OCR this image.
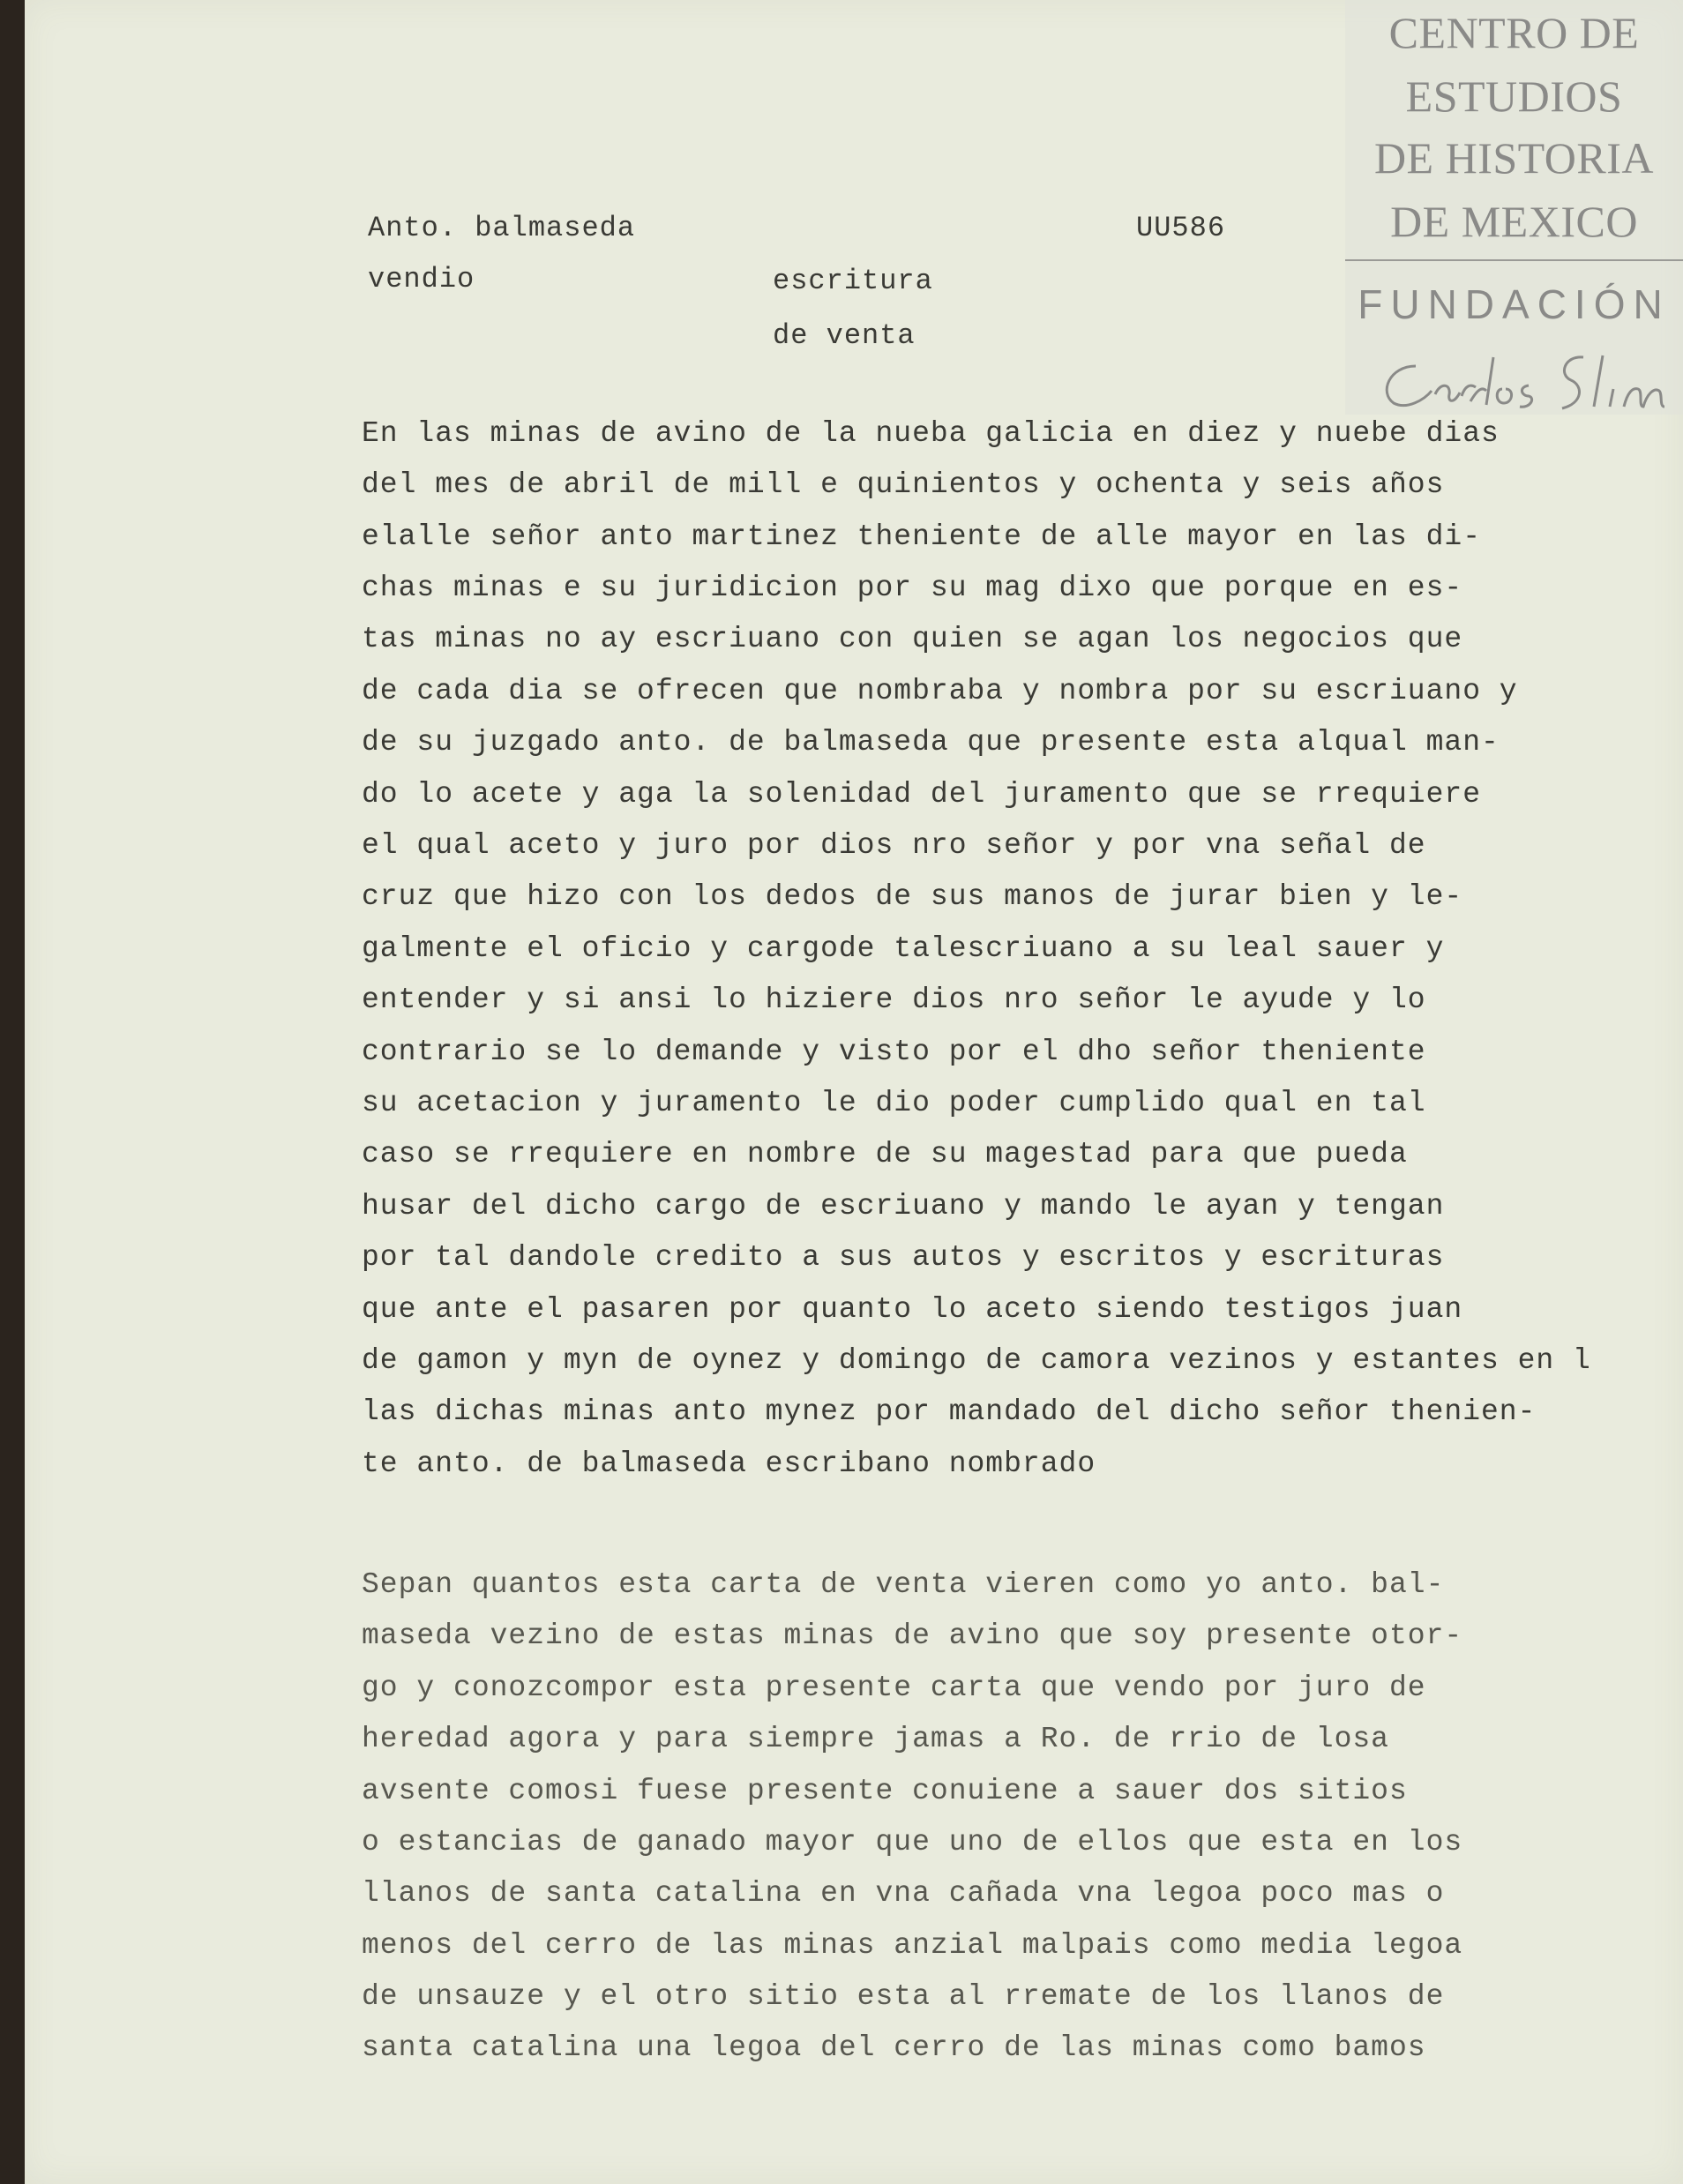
Anto. balmaseda	UU586
vendio	escritura
de venta
CENTRO DE
ESTUDIOS
DE HISTORIA
DE MEXICO
FUNDACIÓN
En las minas de avino de la nueba galicia en diez y nuebe dias
del mes de abril de mill e quinientos y ochenta y seis años
elalle señor anto martinez theniente de alle mayor en las di-
chas minas e su juridicion por su mag dixo que porque en es-
tas minas no ay escriuano con quien se agan los negocios que
de cada dia se ofrecen que nombraba y nombra por su escriuano y
de su juzgado anto. de balmaseda que presente esta alqual man-
do lo acete y aga la solenidad del juramento que se rrequiere
el qual aceto y juro por dios nro señor y por vna señal de
cruz que hizo con los dedos de sus manos de jurar bien y le-
galmente el oficio y cargode talescriuano a su leal sauer y
entender y si ansi lo hiziere dios nro señor le ayude y lo
contrario se lo demande y visto por el dho señor theniente
su acetacion y juramento le dio poder cumplido qual en tal
caso se rrequiere en nombre de su magestad para que pueda
husar del dicho cargo de escriuano y mando le ayan y tengan
por tal dandole credito a sus autos y escritos y escrituras
que ante el pasaren por quanto lo aceto siendo testigos juan
de gamon y myn de oynez y domingo de camora vezinos y estantes en l
las dichas minas anto mynez por mandado del dicho señor thenien-
te anto. de balmaseda escribano nombrado
Sepan quantos esta carta de venta vieren como yo anto. bal-
maseda vezino de estas minas de avino que soy presente otor-
go y conozcompor esta presente carta que vendo por juro de
heredad agora y para siempre jamas a Ro. de rrio de losa
avsente comosi fuese presente conuiene a sauer dos sitios
o estancias de ganado mayor que uno de ellos que esta en los
llanos de santa catalina en vna cañada vna legoa poco mas o
menos del cerro de las minas anzial malpais como media legoa
de unsauze y el otro sitio esta al rremate de los llanos de
santa catalina una legoa del cerro de las minas como bamos
